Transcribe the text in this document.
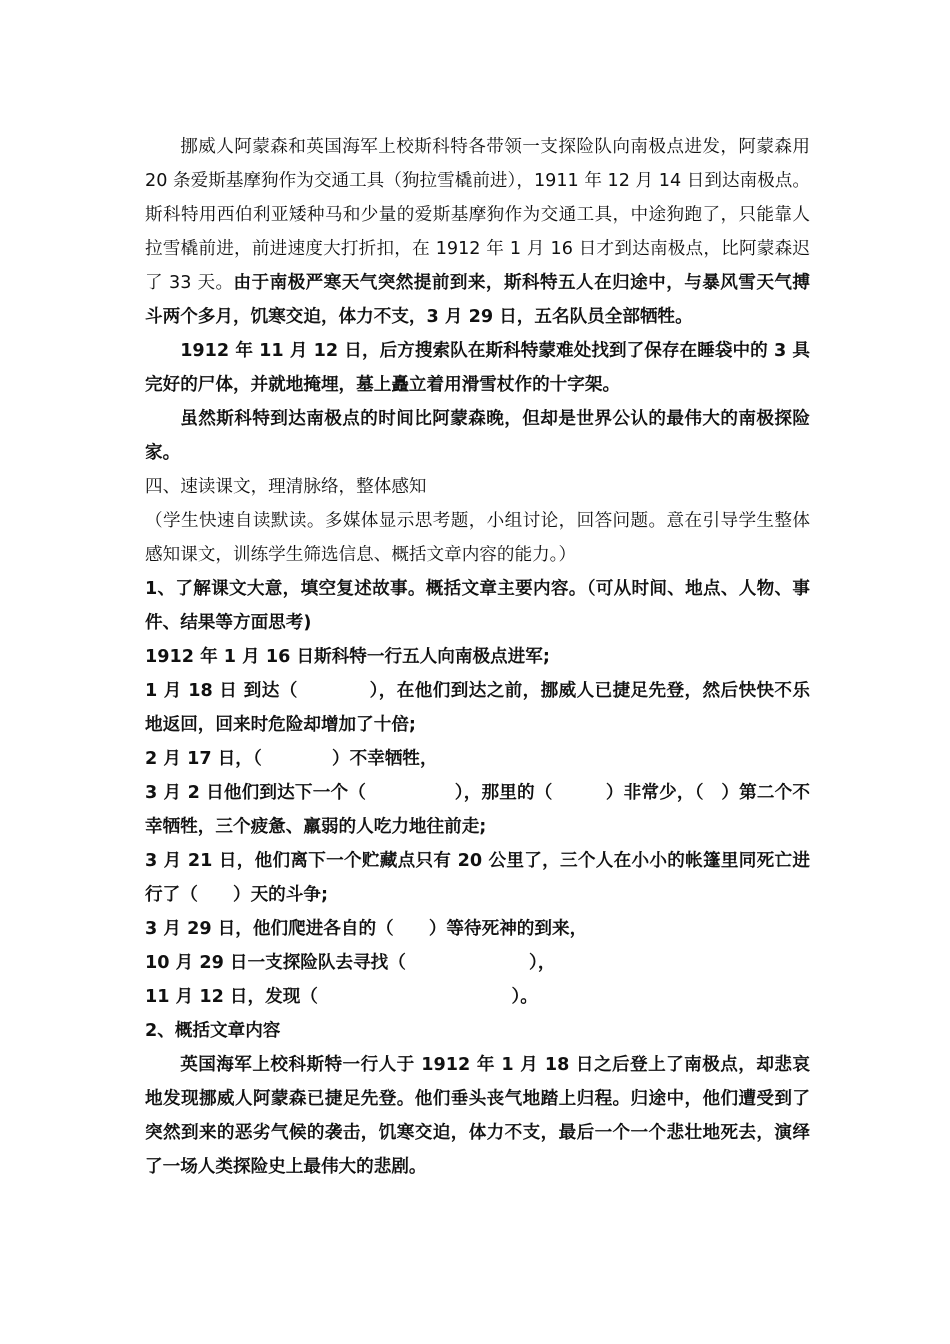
挪威人阿蒙森和英国海军上校斯科特各带领一支探险队向南极点进发，阿蒙森用 20 条爱斯基摩狗作为交通工具（狗拉雪橇前进），1911 年 12 月 14 日到达南极点。斯科特用西伯利亚矮种马和少量的爱斯基摩狗作为交通工具，中途狗跑了，只能靠人拉雪橇前进，前进速度大打折扣，在 1912 年 1 月 16 日才到达南极点，比阿蒙森迟了 33 天。由于南极严寒天气突然提前到来，斯科特五人在归途中，与暴风雪天气搏斗两个多月，饥寒交迫，体力不支，3 月 29 日，五名队员全部牺牲。

1912 年 11 月 12 日，后方搜索队在斯科特蒙难处找到了保存在睡袋中的 3 具完好的尸体，并就地掩埋，墓上矗立着用滑雪杖作的十字架。

虽然斯科特到达南极点的时间比阿蒙森晚，但却是世界公认的最伟大的南极探险家。

四、速读课文，理清脉络，整体感知

（学生快速自读默读。多媒体显示思考题，小组讨论，回答问题。意在引导学生整体感知课文，训练学生筛选信息、概括文章内容的能力。）

1、了解课文大意，填空复述故事。概括文章主要内容。（可从时间、地点、人物、事件、结果等方面思考)

1912 年 1 月 16 日斯科特一行五人向南极点进军;

1 月 18 日 到达（　　　　），在他们到达之前，挪威人已捷足先登，然后快快不乐地返回，回来时危险却增加了十倍;

2 月 17 日，（　　　　）不幸牺牲，

3 月 2 日他们到达下一个（　　　　　），那里的（　　　）非常少，（　）第二个不幸牺牲，三个疲惫、羸弱的人吃力地往前走;

3 月 21 日，他们离下一个贮藏点只有 20 公里了，三个人在小小的帐篷里同死亡进行了（　　）天的斗争;

3 月 29 日，他们爬进各自的（　　）等待死神的到来，

10 月 29 日一支探险队去寻找（　　　　　　　），

11 月 12 日，发现（　　　　　　　　　　　）。

2、概括文章内容

英国海军上校科斯特一行人于 1912 年 1 月 18 日之后登上了南极点，却悲哀地发现挪威人阿蒙森已捷足先登。他们垂头丧气地踏上归程。归途中，他们遭受到了突然到来的恶劣气候的袭击，饥寒交迫，体力不支，最后一个一个悲壮地死去，演绎了一场人类探险史上最伟大的悲剧。
